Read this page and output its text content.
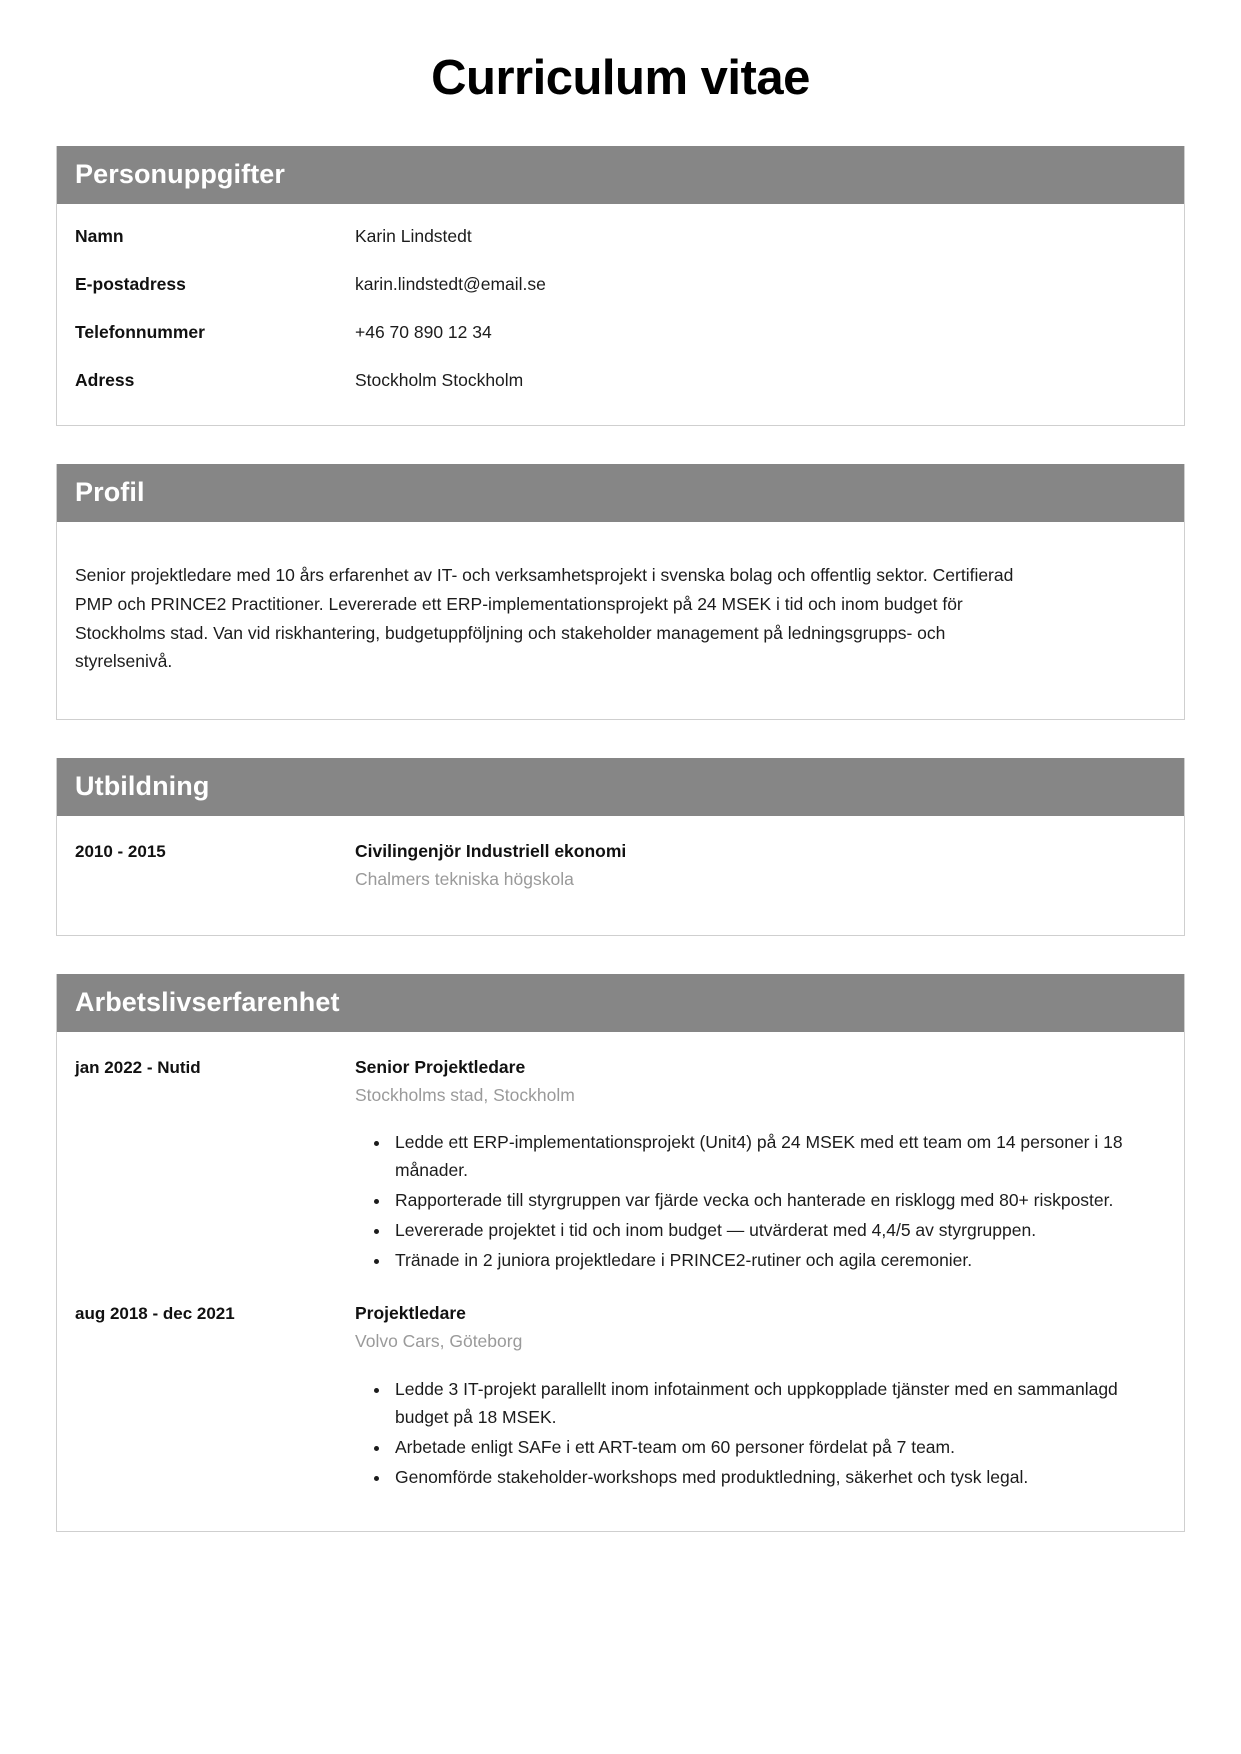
Curriculum vitae
Personuppgifter
Namn	Karin Lindstedt
E-postadress	karin.lindstedt@email.se
Telefonnummer	+46 70 890 12 34
Adress	Stockholm Stockholm
Profil

Senior projektledare med 10 års erfarenhet av IT- och verksamhetsprojekt i svenska bolag och offentlig sektor. Certifierad PMP och PRINCE2 Practitioner. Levererade ett ERP-implementationsprojekt på 24 MSEK i tid och inom budget för Stockholms stad. Van vid riskhantering, budgetuppföljning och stakeholder management på ledningsgrupps- och styrelsenivå.

Utbildning
2010 - 2015	Civilingenjör Industriell ekonomi
Chalmers tekniska högskola
Arbetslivserfarenhet
jan 2022 - Nutid	Senior Projektledare
Stockholms stad, Stockholm
• Ledde ett ERP-implementationsprojekt (Unit4) på 24 MSEK med ett team om 14 personer i 18 månader.
• Rapporterade till styrgruppen var fjärde vecka och hanterade en risklogg med 80+ riskposter.
• Levererade projektet i tid och inom budget — utvärderat med 4,4/5 av styrgruppen.
• Tränade in 2 juniora projektledare i PRINCE2-rutiner och agila ceremonier.
aug 2018 - dec 2021	Projektledare
Volvo Cars, Göteborg
• Ledde 3 IT-projekt parallellt inom infotainment och uppkopplade tjänster med en sammanlagd budget på 18 MSEK.
• Arbetade enligt SAFe i ett ART-team om 60 personer fördelat på 7 team.
• Genomförde stakeholder-workshops med produktledning, säkerhet och tysk legal.
